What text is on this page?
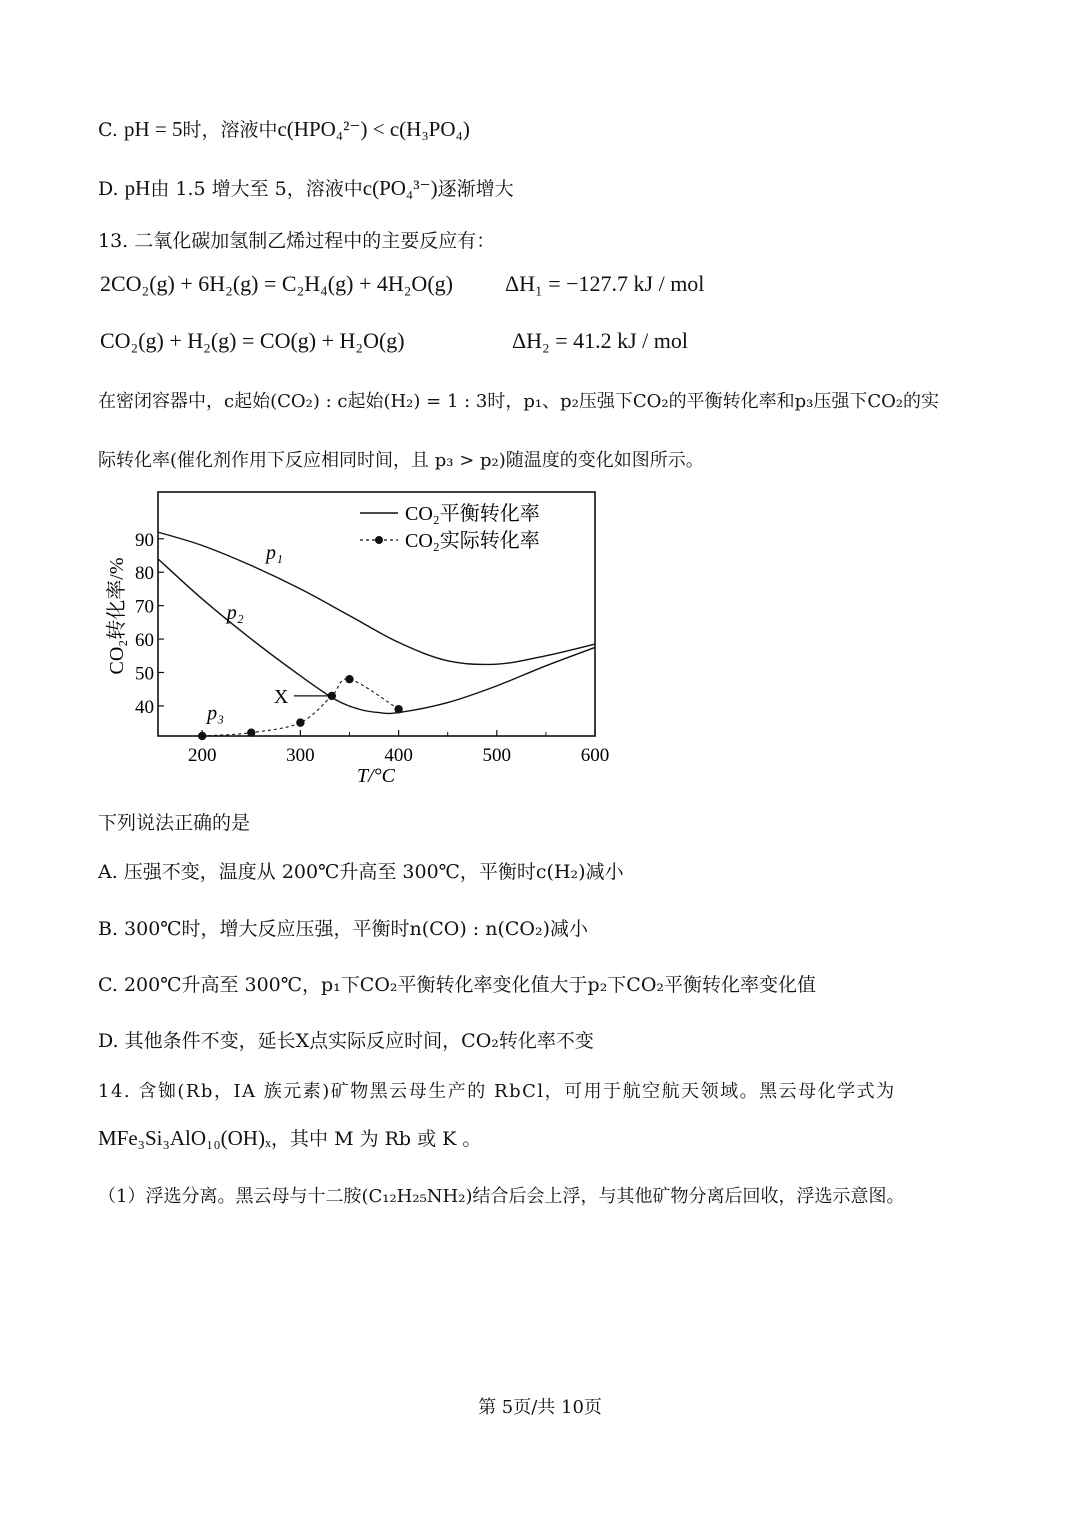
C. pH = 5时，溶液中c(HPO₄²⁻) < c(H₃PO₄)
D. pH由 1.5 增大至 5，溶液中c(PO₄³⁻)逐渐增大
13. 二氧化碳加氢制乙烯过程中的主要反应有：
2CO₂(g) + 6H₂(g) = C₂H₄(g) + 4H₂O(g) ΔH₁ = −127.7 kJ / mol
CO₂(g) + H₂(g) = CO(g) + H₂O(g)	ΔH₂ = 41.2 kJ / mol
在密闭容器中，c起始(CO₂) : c起始(H₂) = 1 : 3时，p₁、p₂压强下CO₂的平衡转化率和p₃压强下CO₂的实
际转化率(催化剂作用下反应相同时间，且 p₃ > p₂)随温度的变化如图所示。
200	300	400	500	600
40
50
60
70
80
90
CO₂平衡转化率
CO₂实际转化率
CO₂转化率/%
T/°C
X
p₁
p₂
p₃
下列说法正确的是
A. 压强不变，温度从 200℃升高至 300℃，平衡时c(H₂)减小
B. 300℃时，增大反应压强，平衡时n(CO) : n(CO₂)减小
C. 200℃升高至 300℃，p₁下CO₂平衡转化率变化值大于p₂下CO₂平衡转化率变化值
D. 其他条件不变，延长X点实际反应时间，CO₂转化率不变
14. 含铷(Rb，ⅠA 族元素)矿物黑云母生产的 RbCl，可用于航空航天领域。黑云母化学式为
MFe₃Si₃AlO₁₀(OH)ₓ，其中 M 为 Rb 或 K 。
（1）浮选分离。黑云母与十二胺(C₁₂H₂₅NH₂)结合后会上浮，与其他矿物分离后回收，浮选示意图。
第 5页/共 10页
